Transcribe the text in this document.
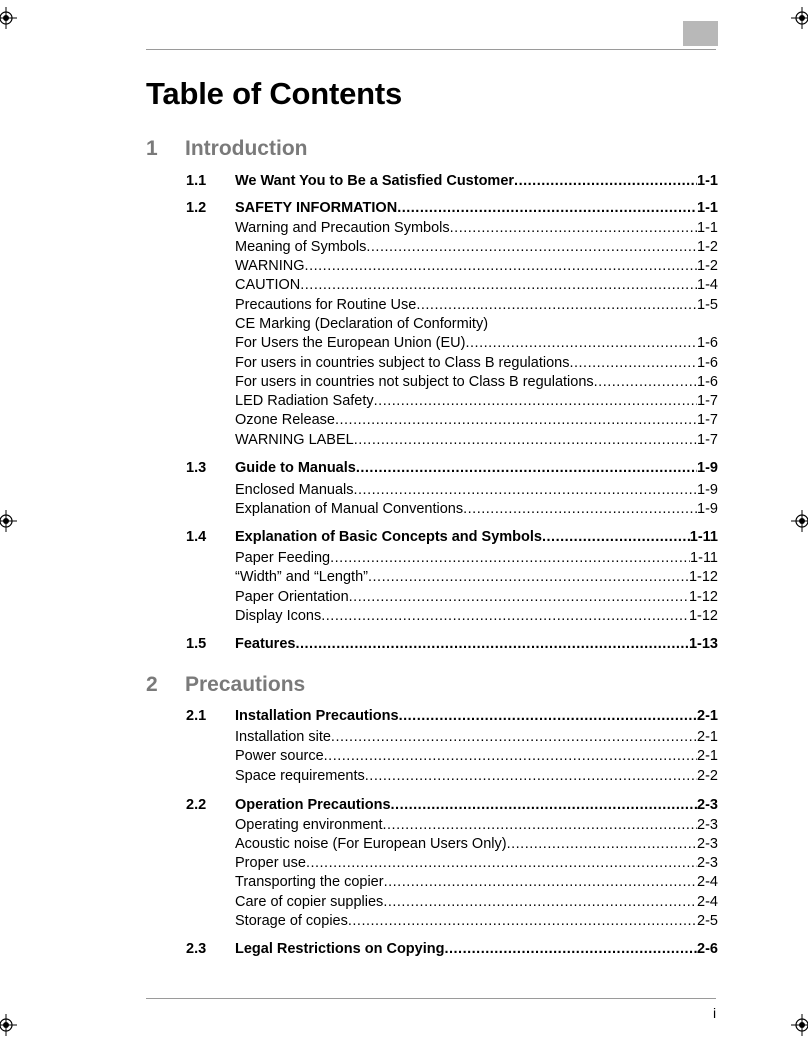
Table of Contents
1 Introduction
2 Precautions
1.1 We Want You to Be a Satisfied Customer .....	1-1
1.2 SAFETY INFORMATION .....	1-1
Warning and Precaution Symbols .....	1-1
Meaning of Symbols .....	1-2
WARNING .....	1-2
CAUTION .....	1-4
Precautions for Routine Use .....	1-5
CE Marking (Declaration of Conformity)
For Users the European Union (EU) .....	1-6
For users in countries subject to Class B regulations .....	1-6
For users in countries not subject to Class B regulations .....	1-6
LED Radiation Safety .....	1-7
Ozone Release .....	1-7
WARNING LABEL .....	1-7
1.3 Guide to Manuals .....	1-9
Enclosed Manuals .....	1-9
Explanation of Manual Conventions .....	1-9
1.4 Explanation of Basic Concepts and Symbols .....	1-11
Paper Feeding .....	1-11
“Width” and “Length” .....	1-12
Paper Orientation .....	1-12
Display Icons .....	1-12
1.5 Features .....	1-13
2.1 Installation Precautions .....	2-1
Installation site .....	2-1
Power source .....	2-1
Space requirements .....	2-2
2.2 Operation Precautions .....	2-3
Operating environment .....	2-3
Acoustic noise (For European Users Only) .....	2-3
Proper use .....	2-3
Transporting the copier .....	2-4
Care of copier supplies .....	2-4
Storage of copies .....	2-5
2.3 Legal Restrictions on Copying .....	2-6
i
